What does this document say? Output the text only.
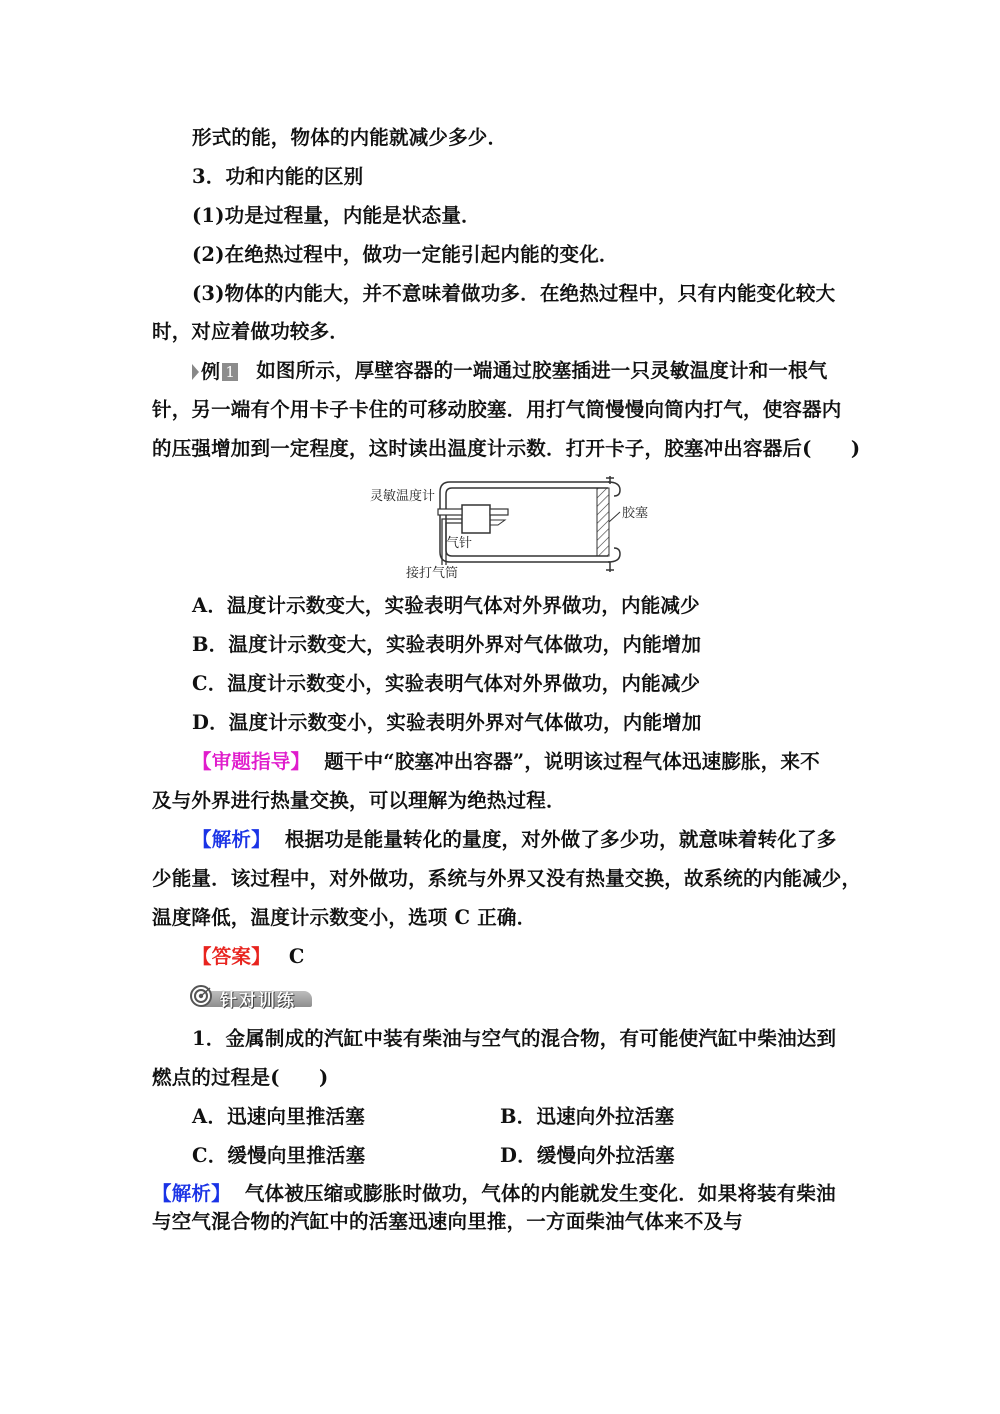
形式的能，物体的内能就减少多少．
3．功和内能的区别
(1)功是过程量，内能是状态量．
(2)在绝热过程中，做功一定能引起内能的变化．
(3)物体的内能大，并不意味着做功多．在绝热过程中，只有内能变化较大
时，对应着做功较多．
例 1 如图所示，厚壁容器的一端通过胶塞插进一只灵敏温度计和一根气
针，另一端有个用卡子卡住的可移动胶塞．用打气筒慢慢向筒内打气，使容器内
的压强增加到一定程度，这时读出温度计示数．打开卡子，胶塞冲出容器后(　　)
灵敏温度计
胶塞
气针
接打气筒
A．温度计示数变大，实验表明气体对外界做功，内能减少
B．温度计示数变大，实验表明外界对气体做功，内能增加
C．温度计示数变小，实验表明气体对外界做功，内能减少
D．温度计示数变小，实验表明外界对气体做功，内能增加
【审题指导】 题干中“胶塞冲出容器”，说明该过程气体迅速膨胀，来不
及与外界进行热量交换，可以理解为绝热过程．
【解析】 根据功是能量转化的量度，对外做了多少功，就意味着转化了多
少能量．该过程中，对外做功，系统与外界又没有热量交换，故系统的内能减少，
温度降低，温度计示数变小，选项 C 正确．
【答案】 C
针对训练
1．金属制成的汽缸中装有柴油与空气的混合物，有可能使汽缸中柴油达到
燃点的过程是(　　)
A．迅速向里推活塞	B．迅速向外拉活塞
C．缓慢向里推活塞	D．缓慢向外拉活塞
【解析】 气体被压缩或膨胀时做功，气体的内能就发生变化．如果将装有柴油
与空气混合物的汽缸中的活塞迅速向里推，一方面柴油气体来不及与
